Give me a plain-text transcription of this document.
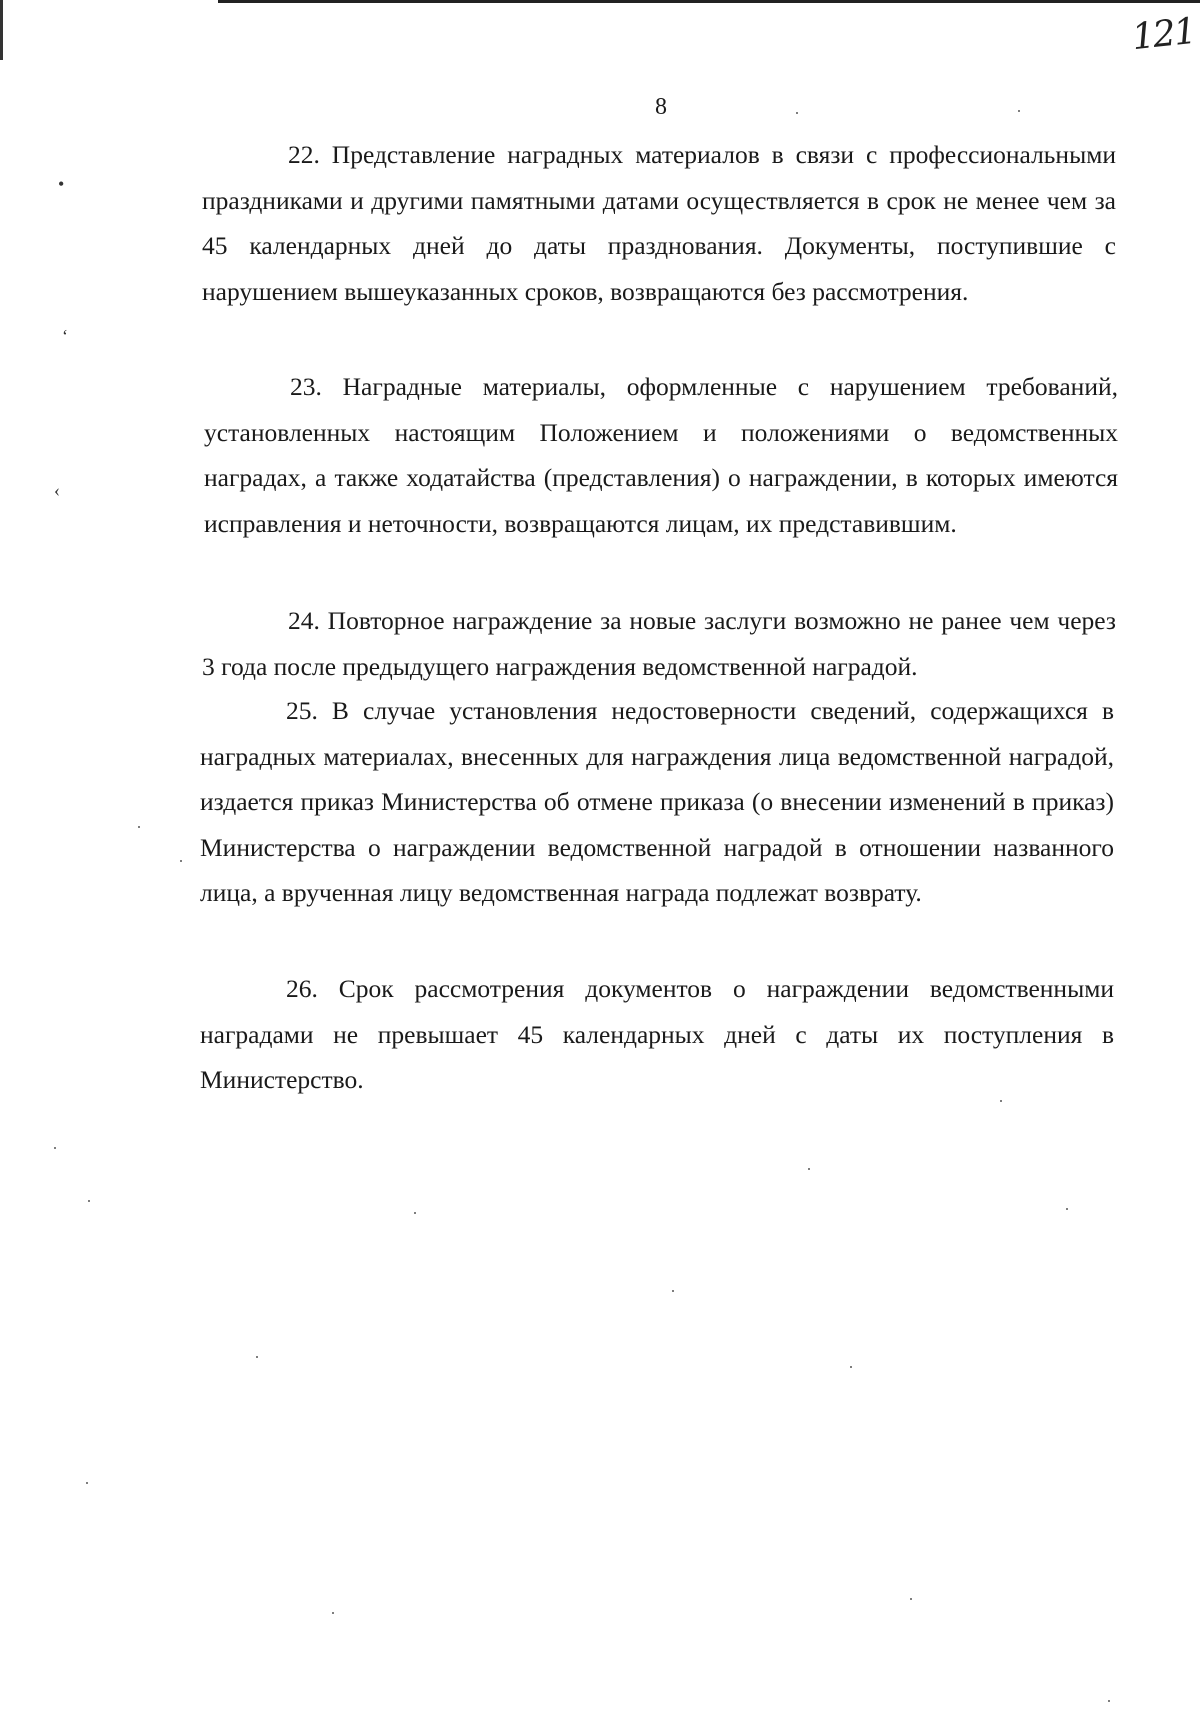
121
8

22. Представление наградных материалов в связи с профессиональными праздниками и другими памятными датами осуществляется в срок не менее чем за 45 календарных дней до даты празднования. Документы, поступившие с нарушением вышеуказанных сроков, возвращаются без рассмотрения.

23. Наградные материалы, оформленные с нарушением требований, установленных настоящим Положением и положениями о ведомственных наградах, а также ходатайства (представления) о награждении, в которых имеются исправления и неточности, возвращаются лицам, их представившим.

24. Повторное награждение за новые заслуги возможно не ранее чем через 3 года после предыдущего награждения ведомственной наградой.

25. В случае установления недостоверности сведений, содержащихся в наградных материалах, внесенных для награждения лица ведомственной наградой, издается приказ Министерства об отмене приказа (о внесении изменений в приказ) Министерства о награждении ведомственной наградой в отношении названного лица, а врученная лицу ведомственная награда подлежат возврату.

26. Срок рассмотрения документов о награждении ведомственными наградами не превышает 45 календарных дней с даты их поступления в Министерство.

•
‘
‹
